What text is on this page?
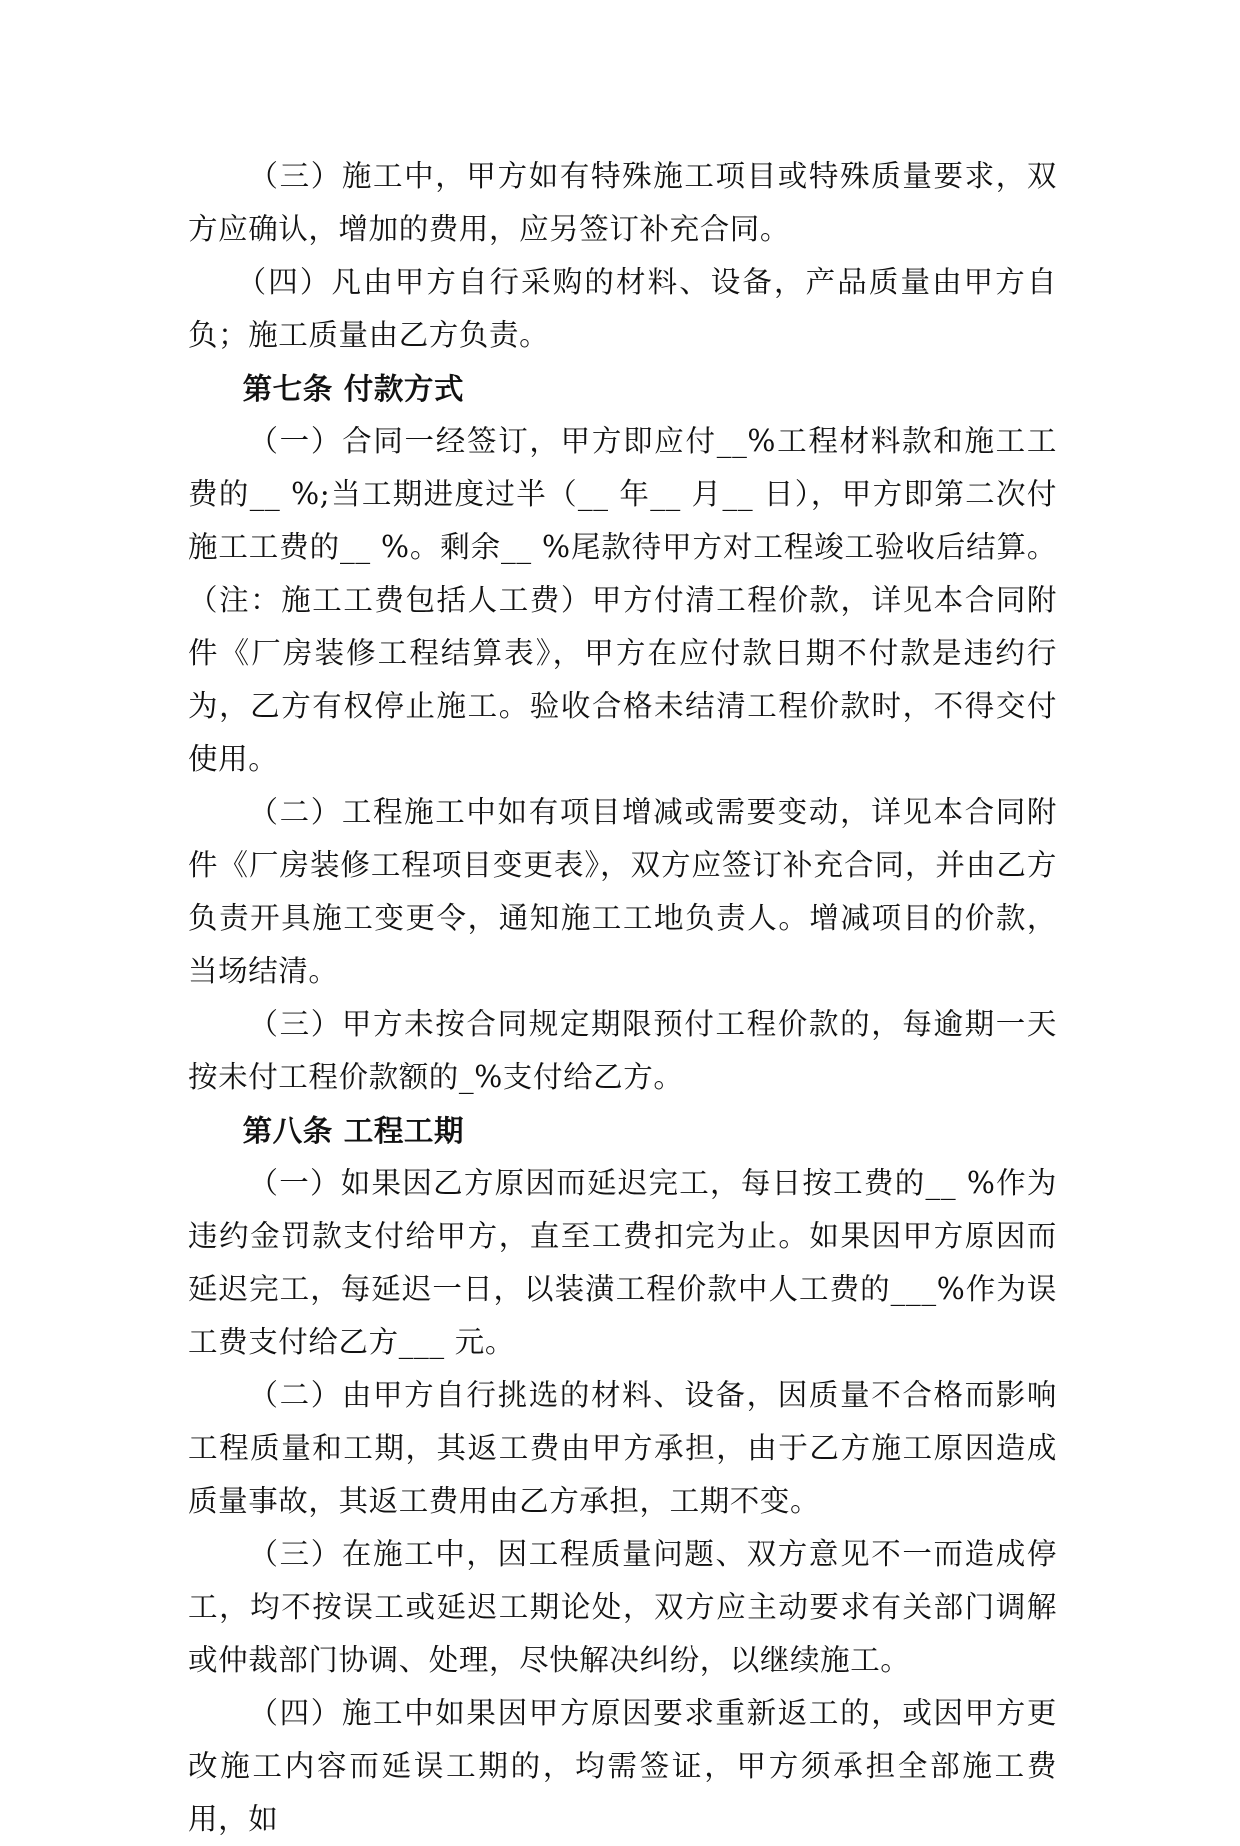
（三）施工中，甲方如有特殊施工项目或特殊质量要求，双方应确认，增加的费用，应另签订补充合同。

（四）凡由甲方自行采购的材料、设备，产品质量由甲方自负；施工质量由乙方负责。

第七条 付款方式

（一）合同一经签订，甲方即应付__%工程材料款和施工工费的__ %;当工期进度过半（__ 年__ 月__ 日），甲方即第二次付施工工费的__ %。剩余__ %尾款待甲方对工程竣工验收后结算。（注：施工工费包括人工费）甲方付清工程价款，详见本合同附件《厂房装修工程结算表》，甲方在应付款日期不付款是违约行为，乙方有权停止施工。验收合格未结清工程价款时，不得交付使用。

（二）工程施工中如有项目增减或需要变动，详见本合同附件《厂房装修工程项目变更表》，双方应签订补充合同，并由乙方负责开具施工变更令，通知施工工地负责人。增减项目的价款，当场结清。

（三）甲方未按合同规定期限预付工程价款的，每逾期一天按未付工程价款额的_%支付给乙方。

第八条 工程工期

（一）如果因乙方原因而延迟完工，每日按工费的__ %作为违约金罚款支付给甲方，直至工费扣完为止。如果因甲方原因而延迟完工，每延迟一日，以装潢工程价款中人工费的___%作为误工费支付给乙方___ 元。

（二）由甲方自行挑选的材料、设备，因质量不合格而影响工程质量和工期，其返工费由甲方承担，由于乙方施工原因造成质量事故，其返工费用由乙方承担，工期不变。

（三）在施工中，因工程质量问题、双方意见不一而造成停工，均不按误工或延迟工期论处，双方应主动要求有关部门调解或仲裁部门协调、处理，尽快解决纠纷，以继续施工。

（四）施工中如果因甲方原因要求重新返工的，或因甲方更改施工内容而延误工期的，均需签证，甲方须承担全部施工费用，如
